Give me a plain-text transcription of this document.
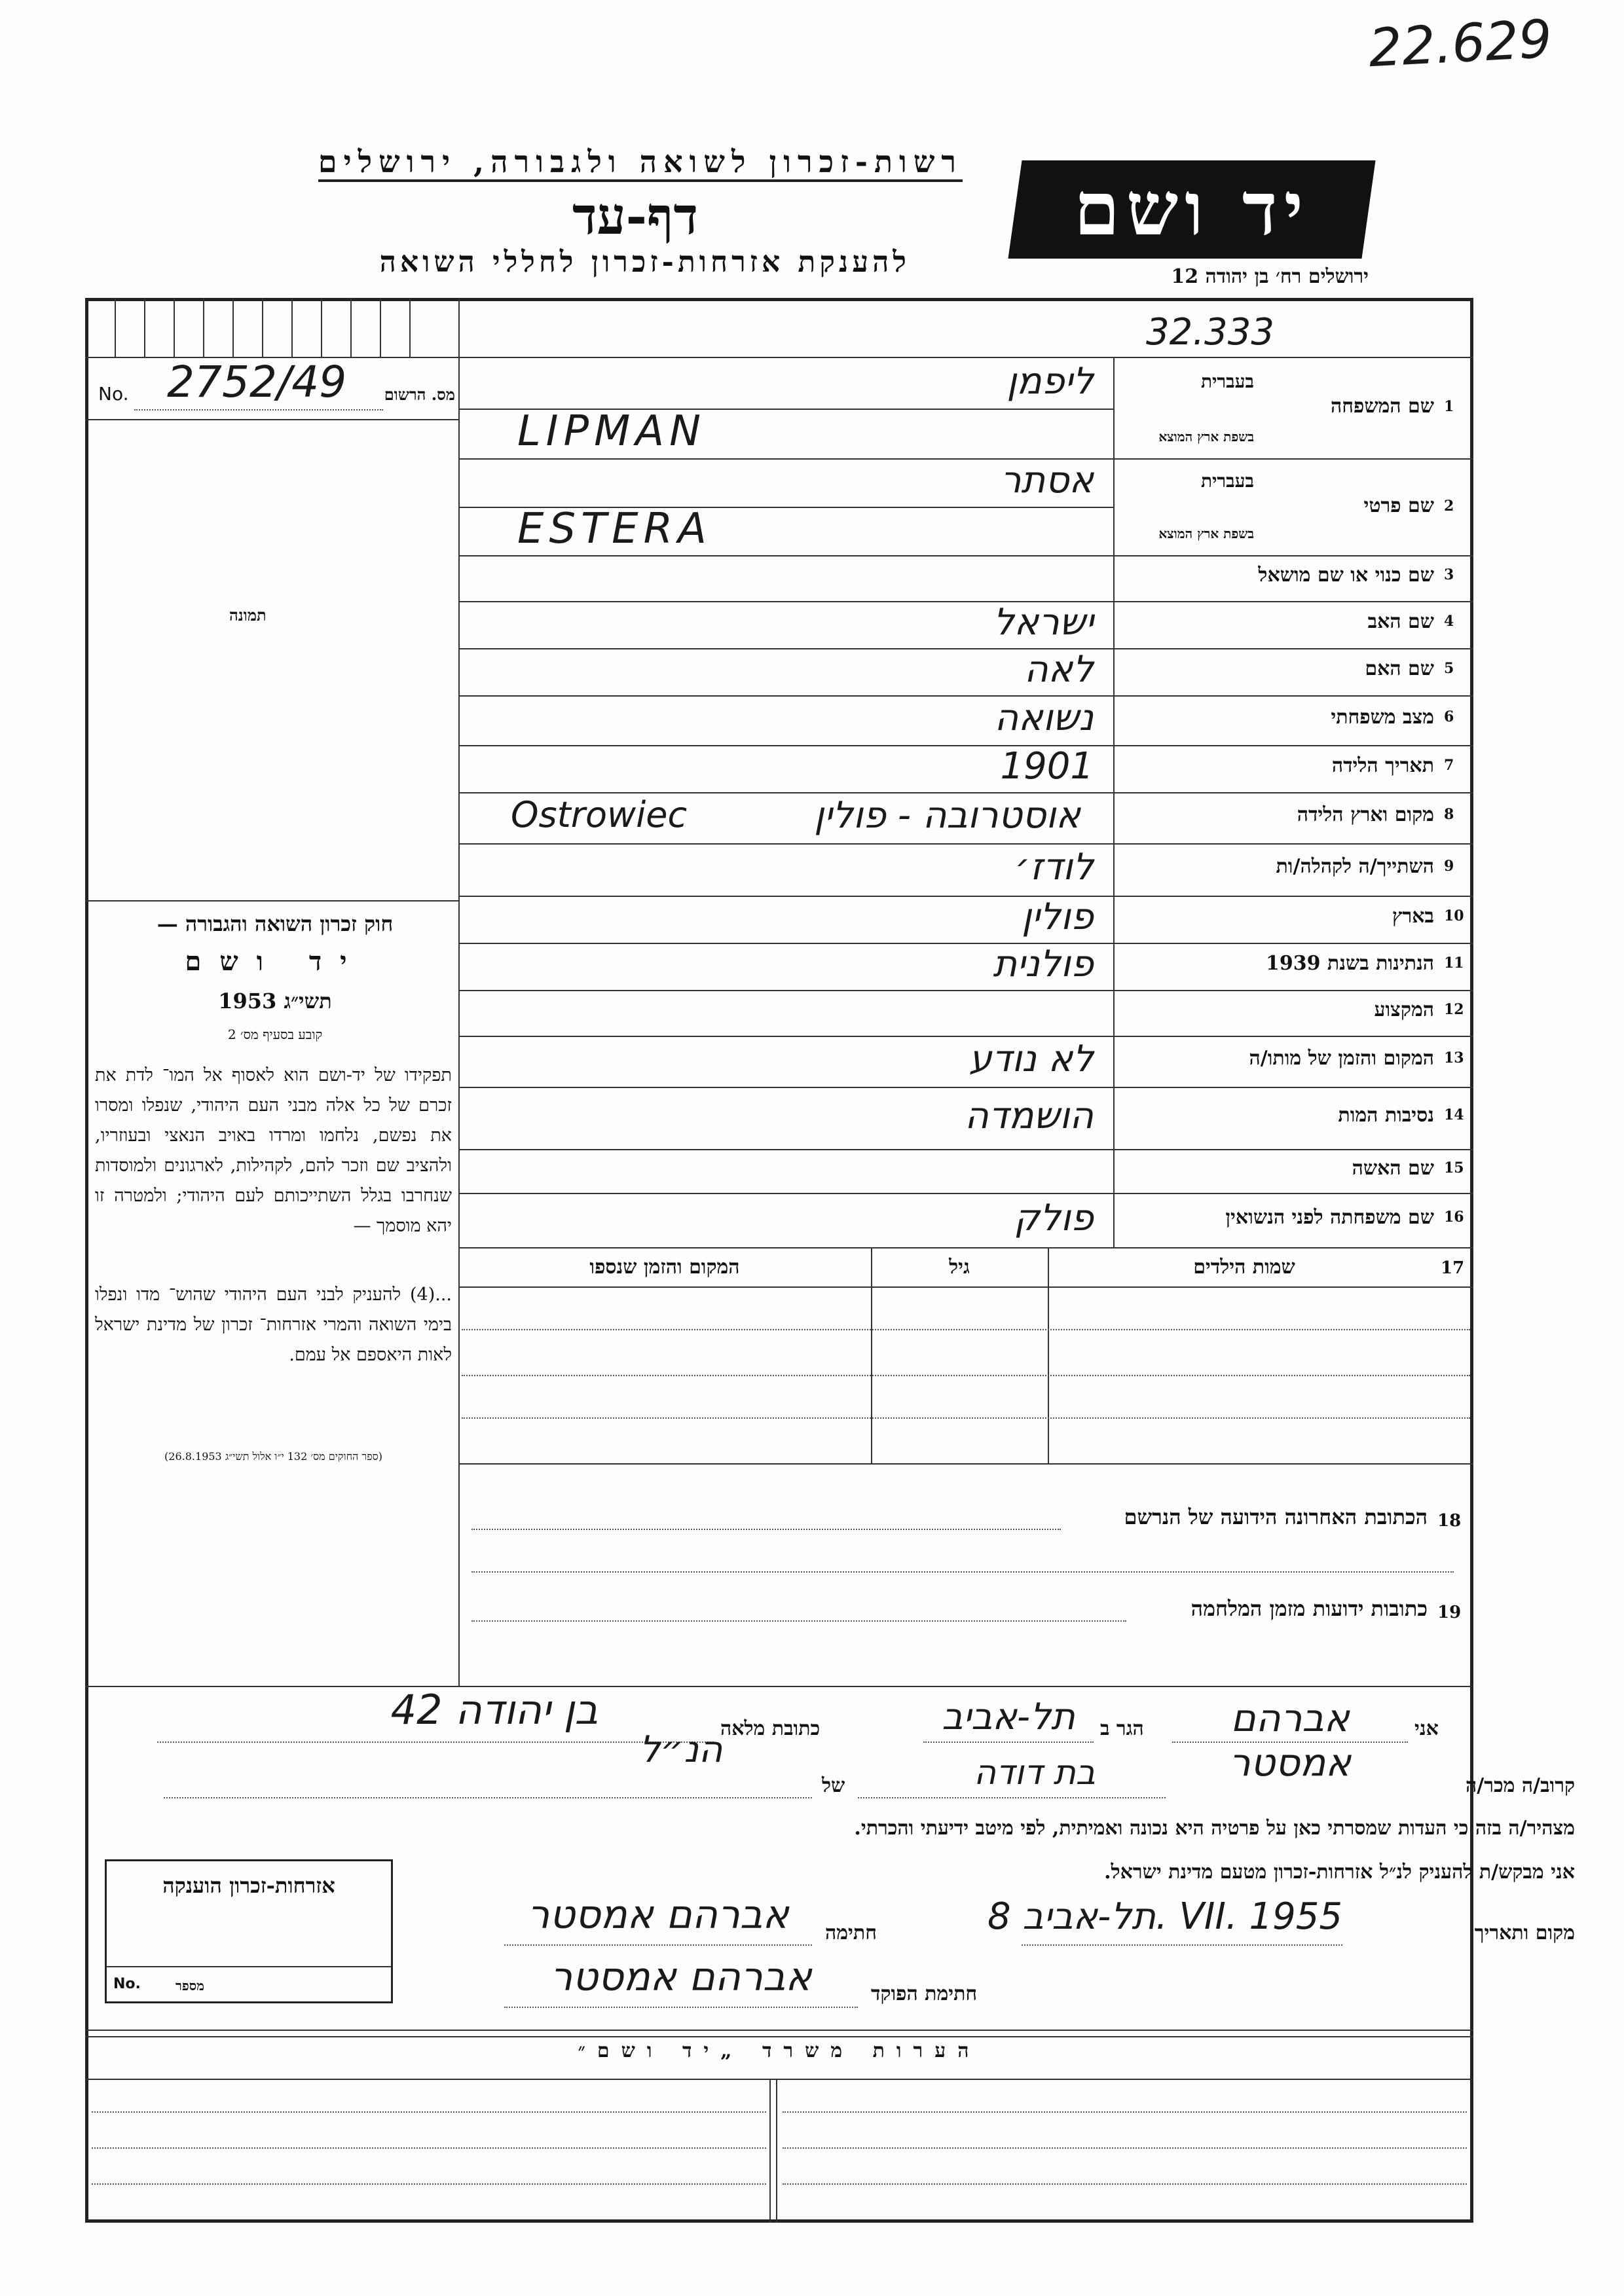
22.629
רשות-זכרון לשואה ולגבורה, ירושלים
דף-עד
להענקת אזרחות-זכרון לחללי השואה
יד ושם
ירושלים רח׳ בן יהודה 12
No. 2752/49 מס. הרשום
תמונה
חוק זכרון השואה והגבורה —
יד ושם
תשי״ג 1953
קובע בסעיף מס׳ 2
תפקידו של יד-ושם הוא לאסוף אל המו־ לדת את זכרם של כל אלה מבני העם היהודי, שנפלו ומסרו את נפשם, נלחמו ומרדו באויב הנאצי ובעוזריו, ולהציב שם וזכר להם, לקהילות, לארגונים ולמוסדות שנחרבו בגלל השתייכותם לעם היהודי; ולמטרה זו יהא מוסמך —
...(4) להעניק לבני העם היהודי שהוש־ מדו ונפלו בימי השואה והמרי אזרחות־ זכרון של מדינת ישראל לאות היאספם אל עמם.
(ספר החוקים מס׳ 132 י״ו אלול תשי״ג 26.8.1953)
32.333
1
שם המשפחה
בעברית
בשפת ארץ המוצא
ליפמן
LIPMAN
2
שם פרטי
בעברית
בשפת ארץ המוצא
אסתר
ESTERA
3
שם כנוי או שם מושאל
4
שם האב
ישראל
5
שם האם
לאה
6
מצב משפחתי
נשואה
7
תאריך הלידה
1901
8
מקום וארץ הלידה
אוסטרובה - פולין
Ostrowiec
9
השתייך/ה לקהלה/ות
לודז׳
10
בארץ
פולין
11
הנתינות בשנת 1939
פולנית
12
המקצוע
13
המקום והזמן של מותו/ה
לא נודע
14
נסיבות המות
הושמדה
15
שם האשה
16
שם משפחתה לפני הנשואין
פולק
17
שמות הילדים
גיל
המקום והזמן שנספו
18
הכתובת האחרונה הידועה של הנרשם
19
כתובות ידועות מזמן המלחמה
אני
אברהם אמסטר
הגר ב
תל-אביב
כתובת מלאה
בן יהודה 42
קרוב/ה מכר/ה
בת דודה
של
הנ״ל
מצהיר/ה בזה כי העדות שמסרתי כאן על פרטיה היא נכונה ואמיתית, לפי מיטב ידיעתי והכרתי.
אני מבקש/ת להעניק לנ״ל אזרחות-זכרון מטעם מדינת ישראל.
מקום ותאריך
תל-אביב 8. VII. 1955
חתימה
אברהם אמסטר
חתימת הפוקד
אברהם אמסטר
אזרחות-זכרון הוענקה
No.	מספר
הערות משרד „יד ושם״
